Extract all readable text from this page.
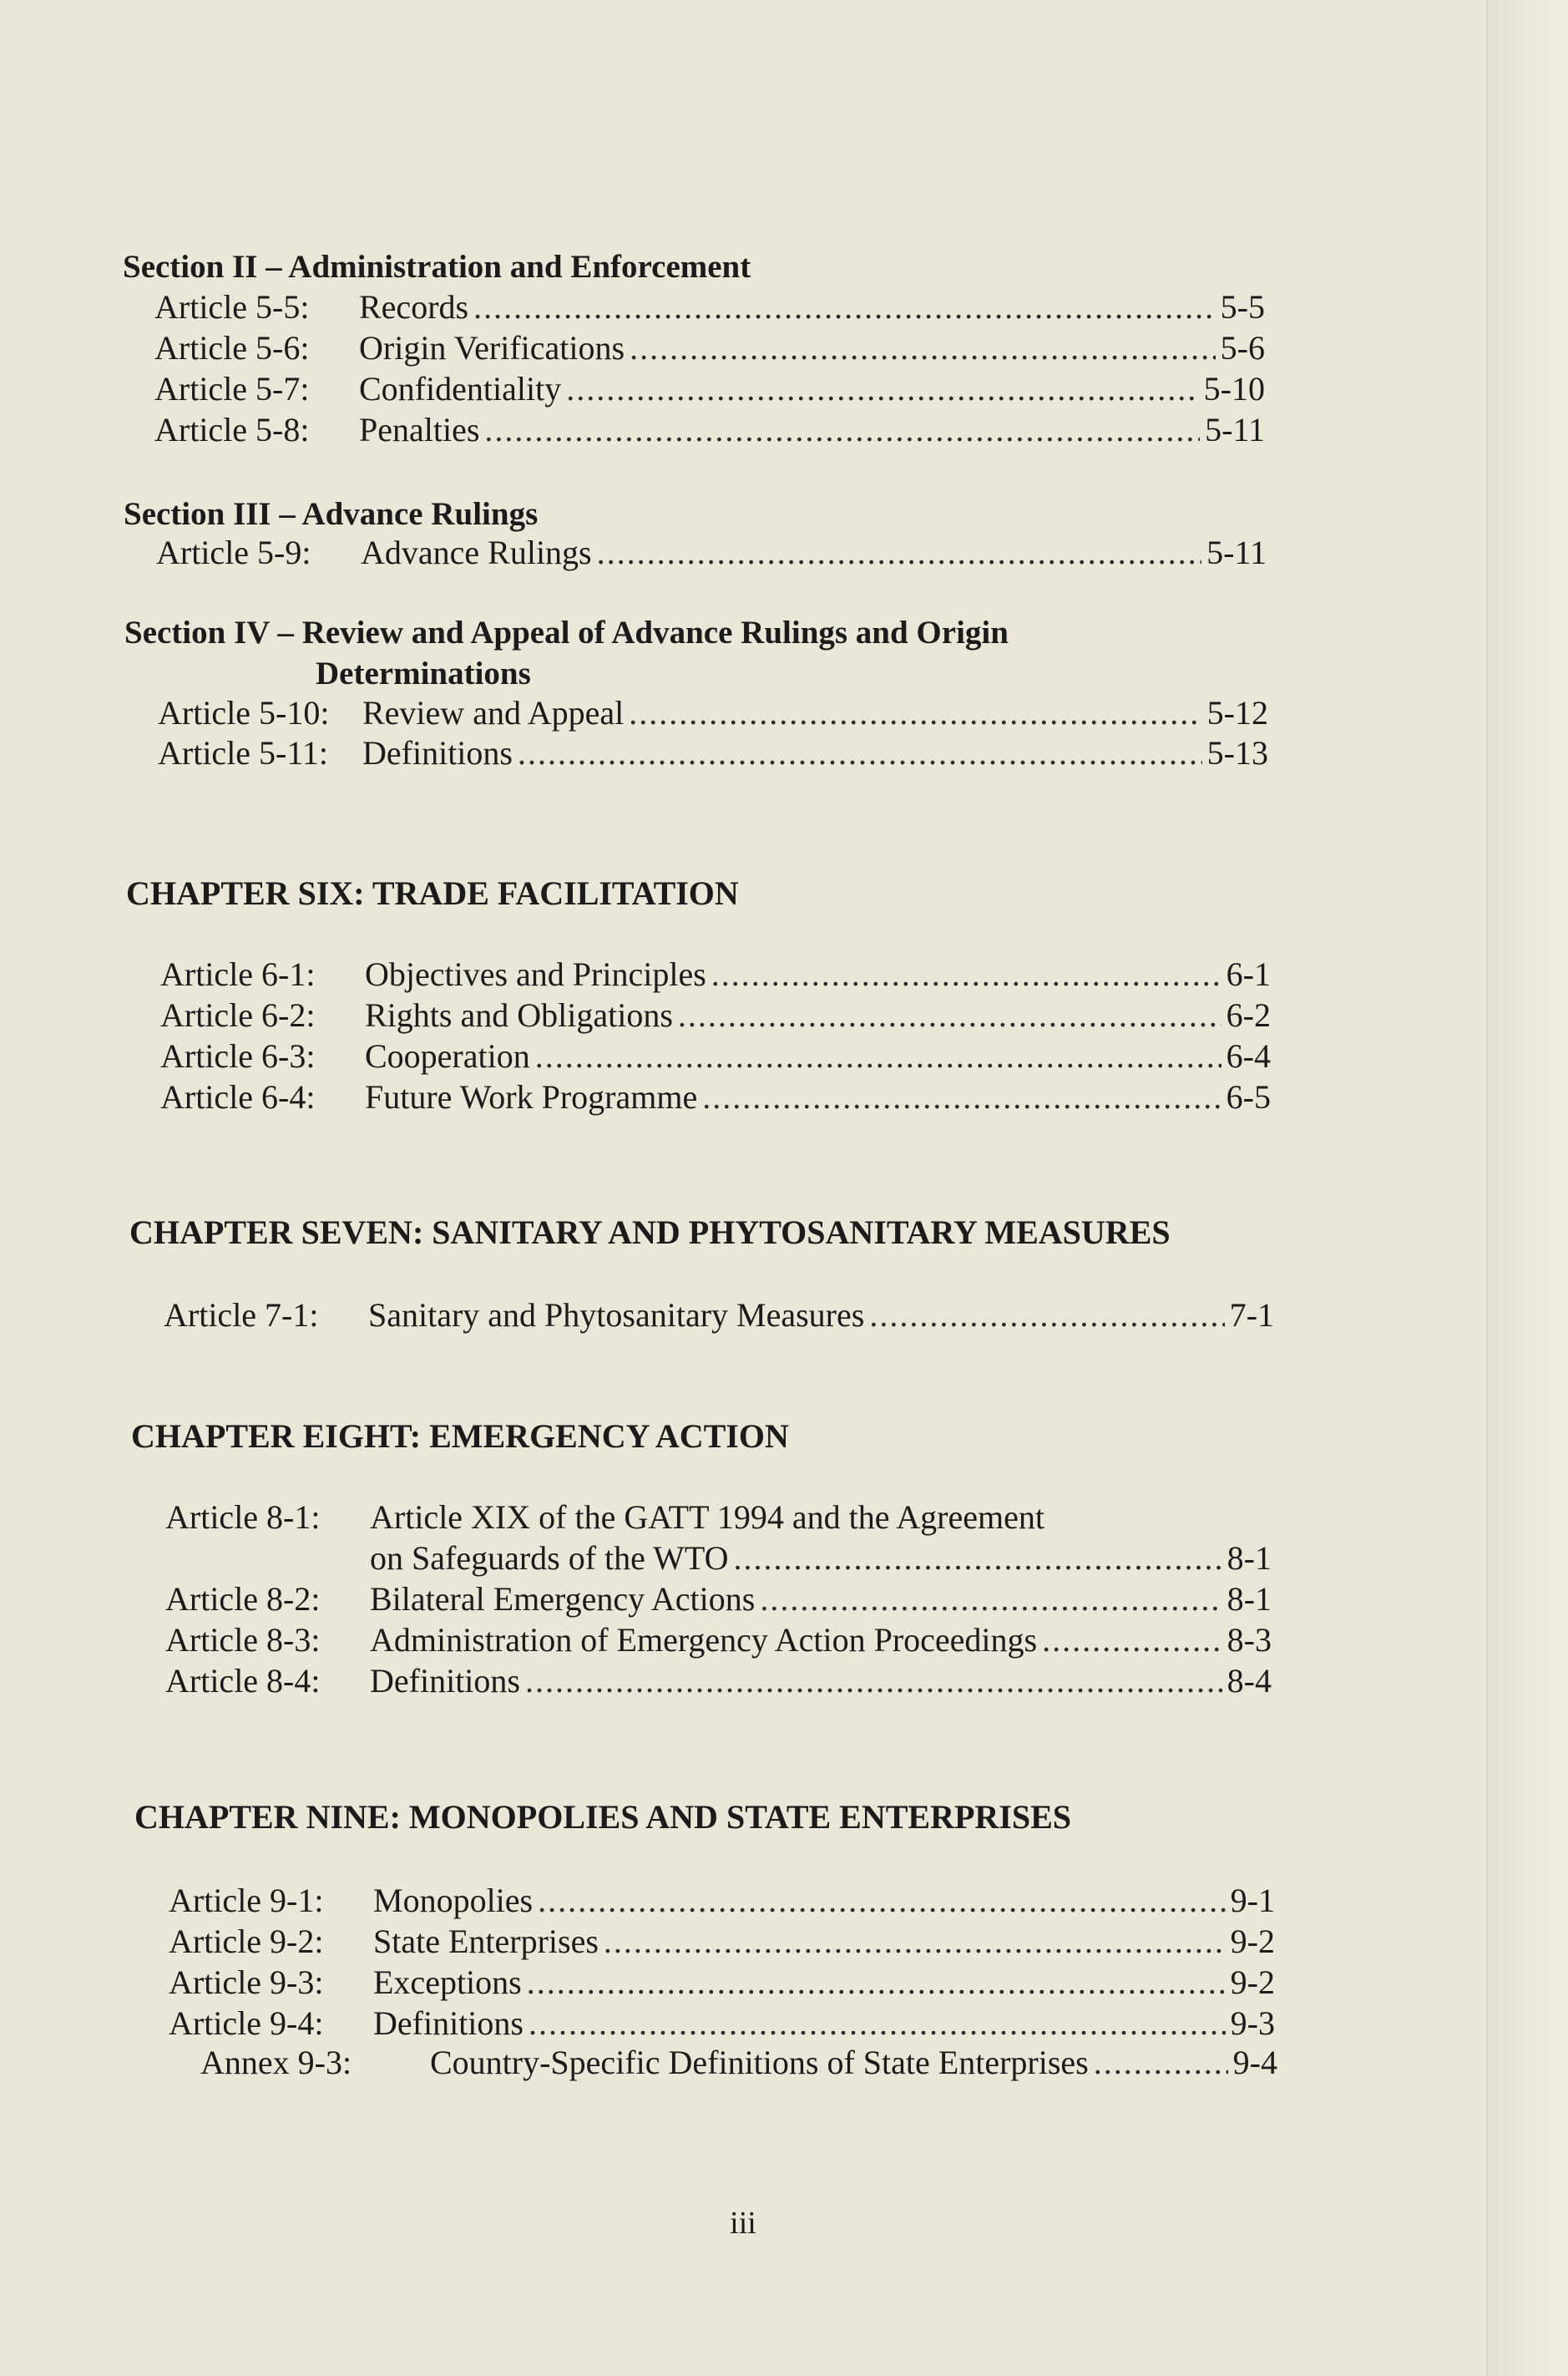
Section II – Administration and Enforcement
Article 5-5:	Records .....	5-5
Article 5-6:	Origin Verifications .....	5-6
Article 5-7:	Confidentiality .....	5-10
Article 5-8:	Penalties .....	5-11
Section III – Advance Rulings
Article 5-9:	Advance Rulings .....	5-11
Section IV – Review and Appeal of Advance Rulings and Origin
Determinations
Article 5-10: Review and Appeal .....	5-12
Article 5-11:	Definitions .....	5-13
CHAPTER SIX: TRADE FACILITATION
Article 6-1:	Objectives and Principles .....	6-1
Article 6-2:	Rights and Obligations .....	6-2
Article 6-3:	Cooperation .....	6-4
Article 6-4:	Future Work Programme .....	6-5
CHAPTER SEVEN: SANITARY AND PHYTOSANITARY MEASURES
Article 7-1:	Sanitary and Phytosanitary Measures .....	7-1
CHAPTER EIGHT: EMERGENCY ACTION
Article 8-1: Article XIX of the GATT 1994 and the Agreement
on Safeguards of the WTO .....	8-1
Article 8-2:	Bilateral Emergency Actions .....	8-1
Article 8-3:	Administration of Emergency Action Proceedings .....	8-3
Article 8-4:	Definitions .....	8-4
CHAPTER NINE: MONOPOLIES AND STATE ENTERPRISES
Article 9-1:	Monopolies .....	9-1
Article 9-2:	State Enterprises .....	9-2
Article 9-3:	Exceptions .....	9-2
Article 9-4:	Definitions .....	9-3
Annex 9-3:	Country-Specific Definitions of State Enterprises .....	9-4
iii
